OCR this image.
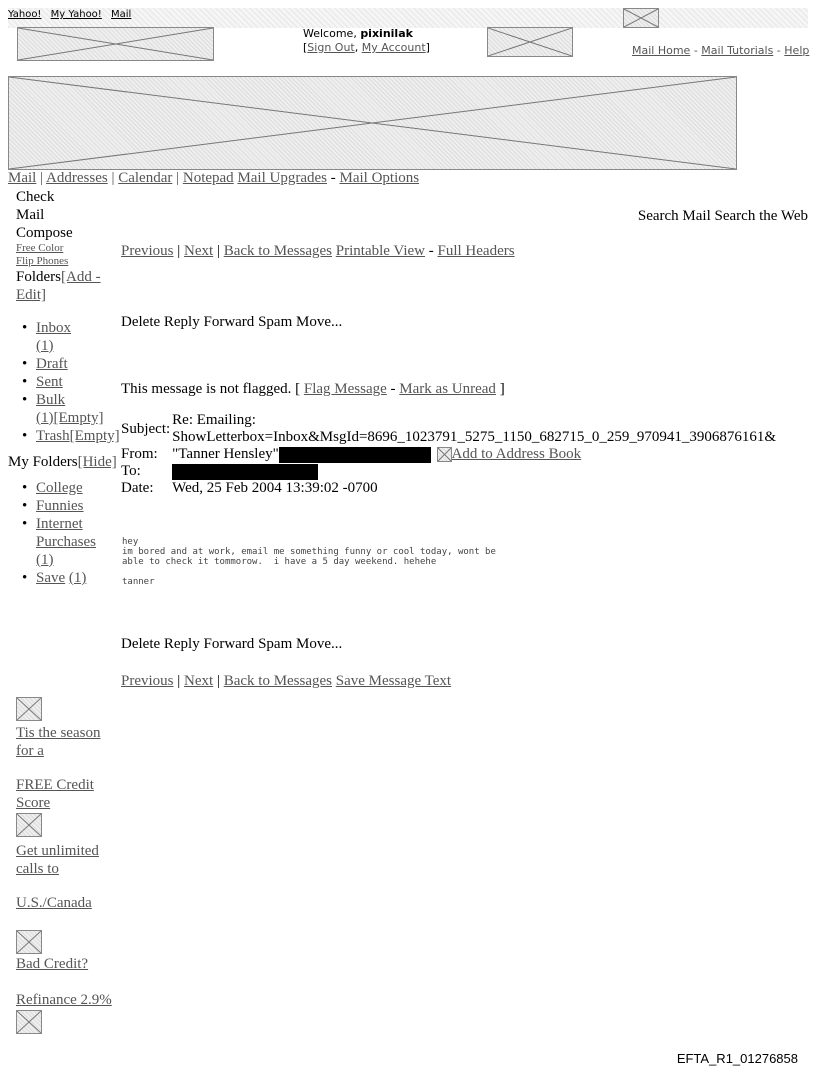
Yahoo! My Yahoo! Mail
Welcome, pixinilak
[Sign Out, My Account]	Mail Home - Mail Tutorials - Help
Mail | Addresses | Calendar | Notepad Mail Upgrades - Mail Options
Check Mail
Compose
Free Color Flip Phones
Folders[Add - Edit]
• Inbox
(1)
• Draft
• Sent
• Bulk
(1)[Empty]
• Trash[Empty]
My Folders[Hide]
• College
• Funnies
• Internet Purchases
(1)
• Save (1)
Tis the season for a
FREE Credit Score
Get unlimited calls to
U.S./Canada
Bad Credit?
Refinance 2.9%
Search Mail Search the Web
Previous | Next | Back to Messages Printable View - Full Headers
Delete Reply Forward Spam Move...
This message is not flagged. [ Flag Message - Mark as Unread ]
Subject:	Re: Emailing:
ShowLetterbox=Inbox&MsgId=8696_1023791_5275_1150_682715_0_259_970941_3906876161&
From:	"Tanner Hensley" Add to Address Book
To:	
Date:	Wed, 25 Feb 2004 13:39:02 -0700
hey
im bored and at work, email me something funny or cool today, wont be
able to check it tommorow.  i have a 5 day weekend. hehehe

tanner
Delete Reply Forward Spam Move...
Previous | Next | Back to Messages Save Message Text
EFTA_R1_01276858
